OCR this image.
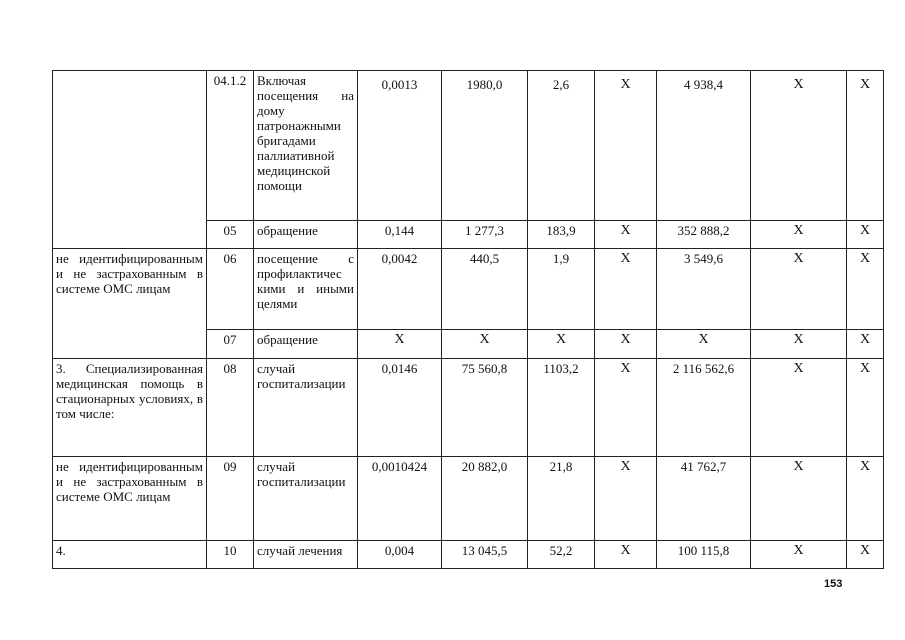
	04.1.2	Включая посещения на дому патронажными бригадами паллиативной медицинской помощи	0,0013	1980,0	2,6	Х	4 938,4	Х	Х
	05	обращение	0,144	1 277,3	183,9	Х	352 888,2	Х	Х
не идентифицированным и не застрахованным в системе ОМС лицам	06	посещение с профилактичес кими и иными целями	0,0042	440,5	1,9	Х	3 549,6	Х	Х
	07	обращение	Х	Х	Х	Х	Х	Х	Х
3. Специализированная медицинская помощь в стационарных условиях, в том числе:	08	случай госпитализации	0,0146	75 560,8	1103,2	Х	2 116 562,6	Х	Х
не идентифицированным и не застрахованным в системе ОМС лицам	09	случай госпитализации	0,0010424	20 882,0	21,8	Х	41 762,7	Х	Х
4.	10	случай лечения	0,004	13 045,5	52,2	Х	100 115,8	Х	Х
153
